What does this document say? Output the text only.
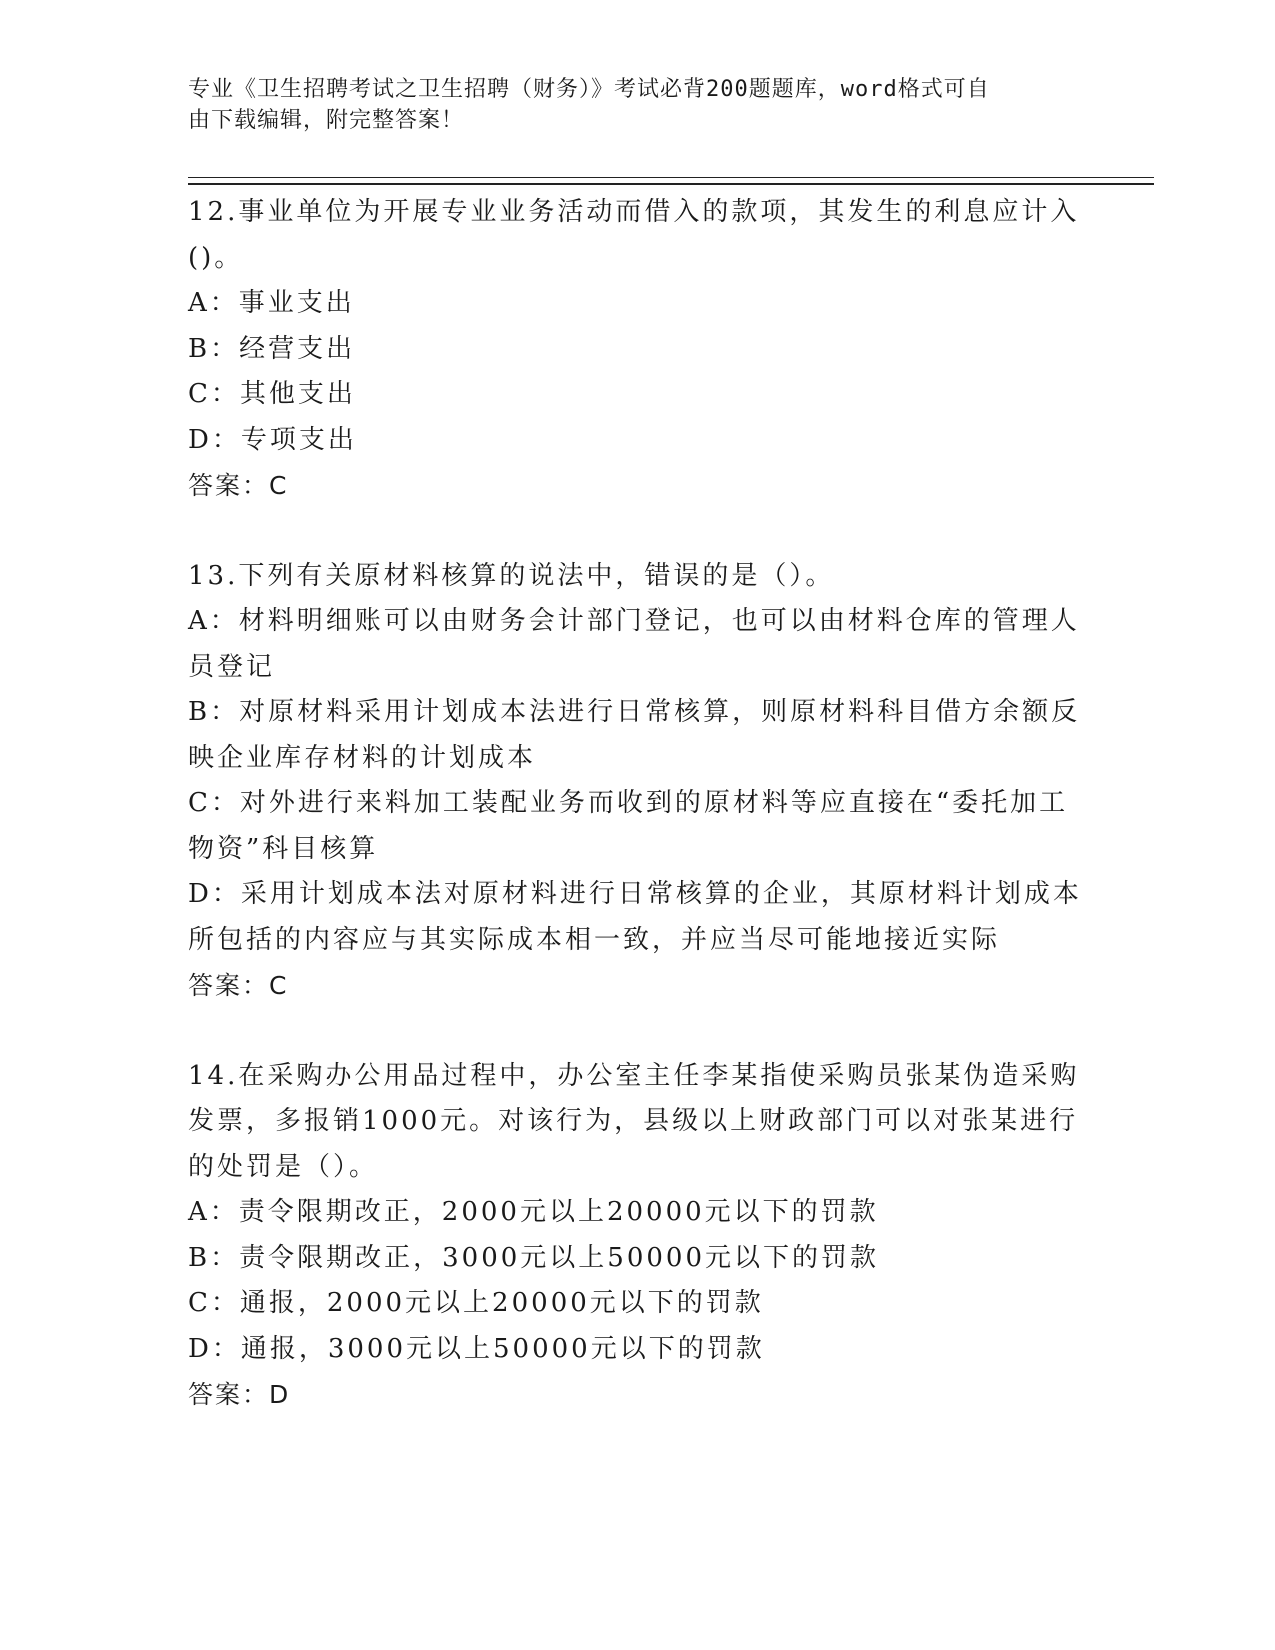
专业《卫生招聘考试之卫生招聘（财务）》考试必背200题题库，word格式可自
由下载编辑，附完整答案！
12.事业单位为开展专业业务活动而借入的款项，其发生的利息应计入
()。
A：事业支出
B：经营支出
C：其他支出
D：专项支出
答案：C
13.下列有关原材料核算的说法中，错误的是（）。
A：材料明细账可以由财务会计部门登记，也可以由材料仓库的管理人
员登记
B：对原材料采用计划成本法进行日常核算，则原材料科目借方余额反
映企业库存材料的计划成本
C：对外进行来料加工装配业务而收到的原材料等应直接在“委托加工
物资”科目核算
D：采用计划成本法对原材料进行日常核算的企业，其原材料计划成本
所包括的内容应与其实际成本相一致，并应当尽可能地接近实际
答案：C
14.在采购办公用品过程中，办公室主任李某指使采购员张某伪造采购
发票，多报销1000元。对该行为，县级以上财政部门可以对张某进行
的处罚是（）。
A：责令限期改正，2000元以上20000元以下的罚款
B：责令限期改正，3000元以上50000元以下的罚款
C：通报，2000元以上20000元以下的罚款
D：通报，3000元以上50000元以下的罚款
答案：D
